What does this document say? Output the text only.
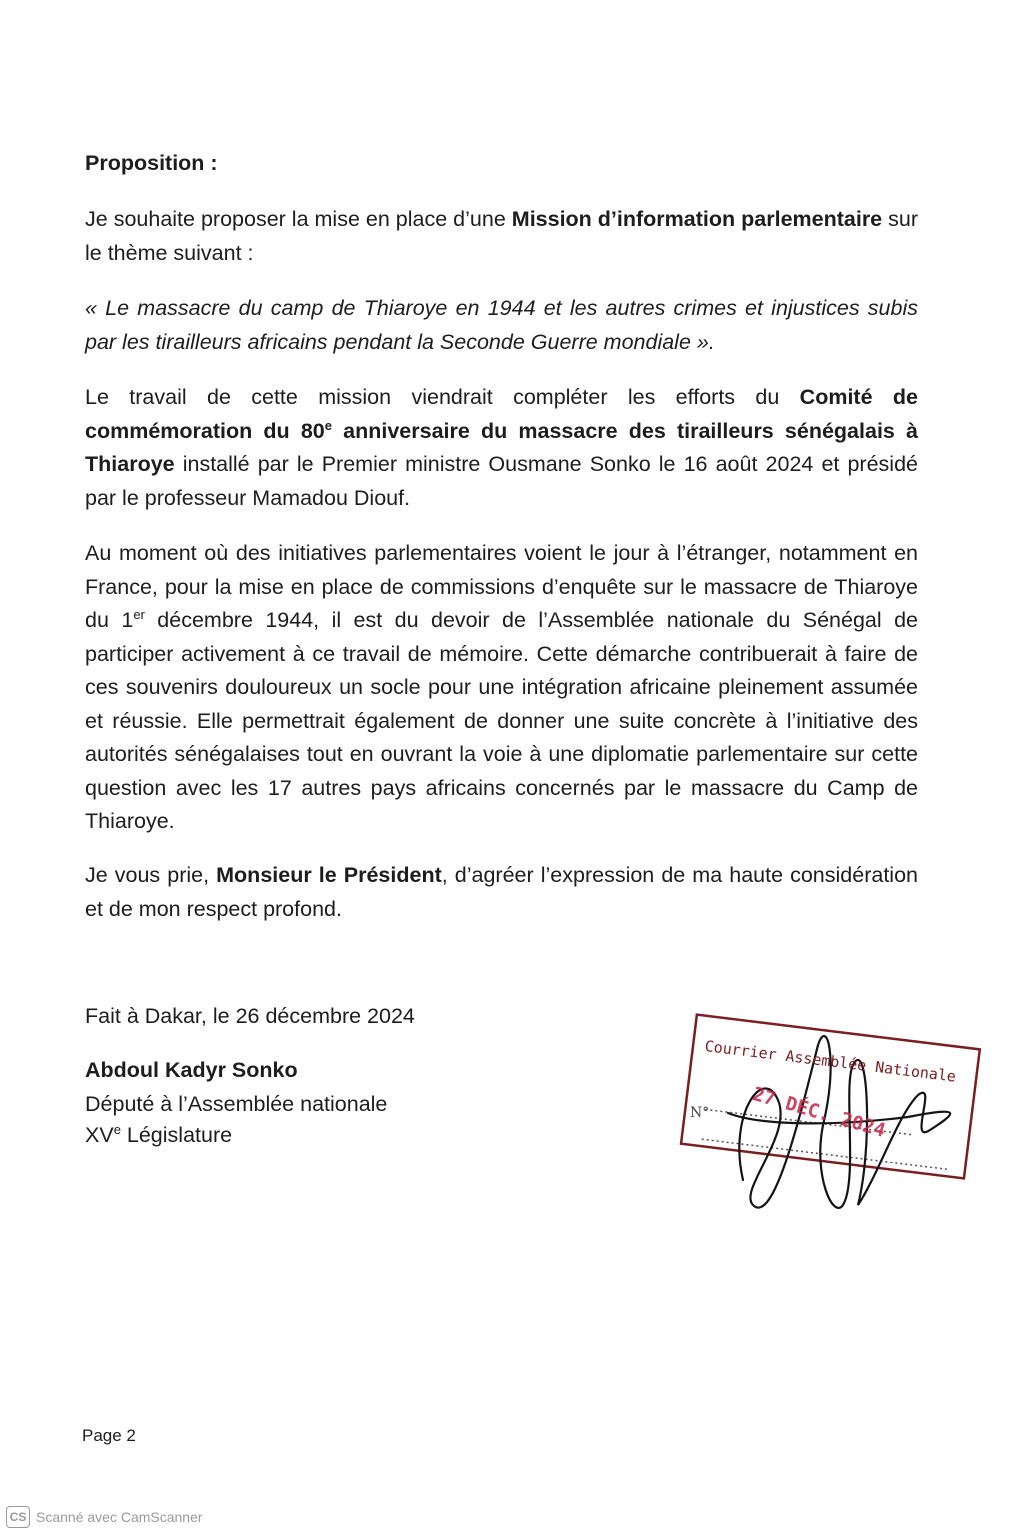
Proposition :
Je souhaite proposer la mise en place d’une Mission d’information parlementaire sur le thème suivant :
« Le massacre du camp de Thiaroye en 1944 et les autres crimes et injustices subis par les tirailleurs africains pendant la Seconde Guerre mondiale ».
Le travail de cette mission viendrait compléter les efforts du Comité de commémoration du 80e anniversaire du massacre des tirailleurs sénégalais à Thiaroye installé par le Premier ministre Ousmane Sonko le 16 août 2024 et présidé par le professeur Mamadou Diouf.
Au moment où des initiatives parlementaires voient le jour à l’étranger, notamment en France, pour la mise en place de commissions d’enquête sur le massacre de Thiaroye du 1er décembre 1944, il est du devoir de l’Assemblée nationale du Sénégal de participer activement à ce travail de mémoire. Cette démarche contribuerait à faire de ces souvenirs douloureux un socle pour une intégration africaine pleinement assumée et réussie. Elle permettrait également de donner une suite concrète à l’initiative des autorités sénégalaises tout en ouvrant la voie à une diplomatie parlementaire sur cette question avec les 17 autres pays africains concernés par le massacre du Camp de Thiaroye.
Je vous prie, Monsieur le Président, d’agréer l’expression de ma haute considération et de mon respect profond.
Fait à Dakar, le 26 décembre 2024
Abdoul Kadyr Sonko
Député à l’Assemblée nationale
XVe Législature
Courrier Assemblée Nationale
27 DÉC. 2024
N°
Page 2
CS Scanné avec CamScanner
